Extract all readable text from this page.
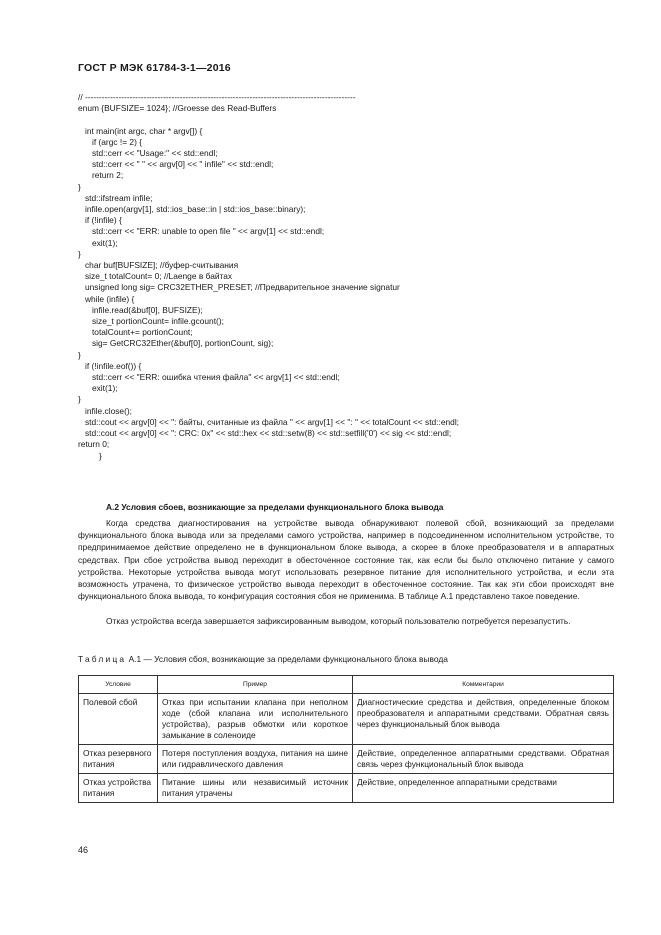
ГОСТ Р МЭК 61784-3-1—2016
// -------------------------------------------------------------------------------------------------
enum {BUFSIZE= 1024}; //Groesse des Read-Buffers

int main(int argc, char * argv[]) {
if (argc != 2) {
std::cerr << "Usage:" << std::endl;
std::cerr << " " << argv[0] << " infile" << std::endl;
return 2;
}
std::ifstream infile;
infile.open(argv[1], std::ios_base::in | std::ios_base::binary);
if (!infile) {
std::cerr << "ERR: unable to open file " << argv[1] << std::endl;
exit(1);
}
char buf[BUFSIZE]; //буфер-считывания
size_t totalCount= 0; //Laenge в байтах
unsigned long sig= CRC32ETHER_PRESET; //Предварительное значение signatur
while (infile) {
infile.read(&buf[0], BUFSIZE);
size_t portionCount= infile.gcount();
totalCount+= portionCount;
sig= GetCRC32Ether(&buf[0], portionCount, sig);
}
if (!infile.eof()) {
std::cerr << "ERR: ошибка чтения файла" << argv[1] << std::endl;
exit(1);
}
infile.close();
std::cout << argv[0] << ": байты, считанные из файла " << argv[1] << ": " << totalCount << std::endl;
std::cout << argv[0] << ": CRC: 0x" << std::hex << std::setw(8) << std::setfill('0') << sig << std::endl;
return 0;
}

А.2 Условия сбоев, возникающие за пределами функционального блока вывода

Когда средства диагностирования на устройстве вывода обнаруживают полевой сбой, возникающий за пределами функционального блока вывода или за пределами самого устройства, например в подсоединенном исполнительном устройстве, то предпринимаемое действие определено не в функциональном блоке вывода, а скорее в блоке преобразователя и в аппаратных средствах. При сбое устройства вывод переходит в обесточенное состояние так, как если бы было отключено питание у самого устройства. Некоторые устройства вывода могут использовать резервное питание для исполнительного устройства, и если эта возможность утрачена, то физическое устройство вывода переходит в обесточенное состояние. Так как эти сбои происходят вне функционального блока вывода, то конфигурация состояния сбоя не применима. В таблице А.1 представлено такое поведение.

Отказ устройства всегда завершается зафиксированным выводом, который пользователю потребуется перезапустить.

Таблица А.1 — Условия сбоя, возникающие за пределами функционального блока вывода

Условие	Пример	Комментарии
Полевой сбой	Отказ при испытании клапана при неполном ходе (сбой клапана или исполнительного устройства), разрыв обмотки или короткое замыкание в соленоиде	Диагностические средства и действия, определенные блоком преобразователя и аппаратными средствами. Обратная связь через функциональный блок вывода
Отказ резервного питания	Потеря поступления воздуха, питания на шине или гидравлического давления	Действие, определенное аппаратными средствами. Обратная связь через функциональный блок вывода
Отказ устройства питания	Питание шины или независимый источник питания утрачены	Действие, определенное аппаратными средствами
46
